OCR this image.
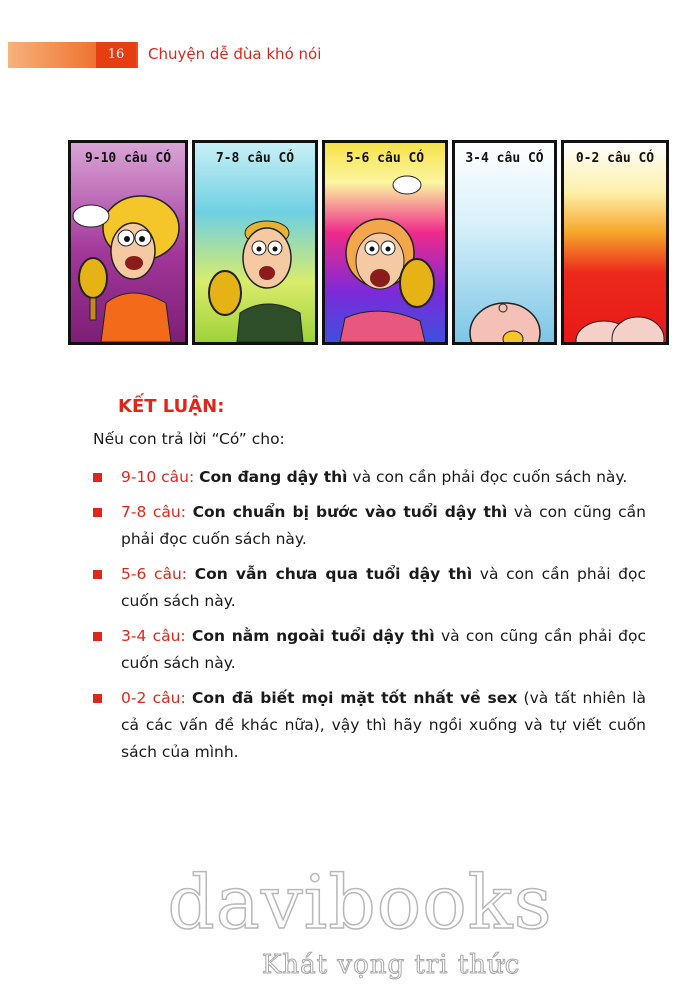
16	Chuyện dễ đùa khó nói
9-10 câu CÓ	7-8 câu CÓ	5-6 câu CÓ	3-4 câu CÓ	0-2 câu CÓ
KẾT LUẬN:
Nếu con trả lời “Có” cho:
9-10 câu: Con đang dậy thì và con cần phải đọc cuốn sách này.
7-8 câu: Con chuẩn bị bước vào tuổi dậy thì và con cũng cần phải đọc cuốn sách này.
5-6 câu: Con vẫn chưa qua tuổi dậy thì và con cần phải đọc cuốn sách này.
3-4 câu: Con nằm ngoài tuổi dậy thì và con cũng cần phải đọc cuốn sách này.
0-2 câu: Con đã biết mọi mặt tốt nhất về sex (và tất nhiên là cả các vấn đề khác nữa), vậy thì hãy ngồi xuống và tự viết cuốn sách của mình.
davibooks
Khát vọng tri thức
